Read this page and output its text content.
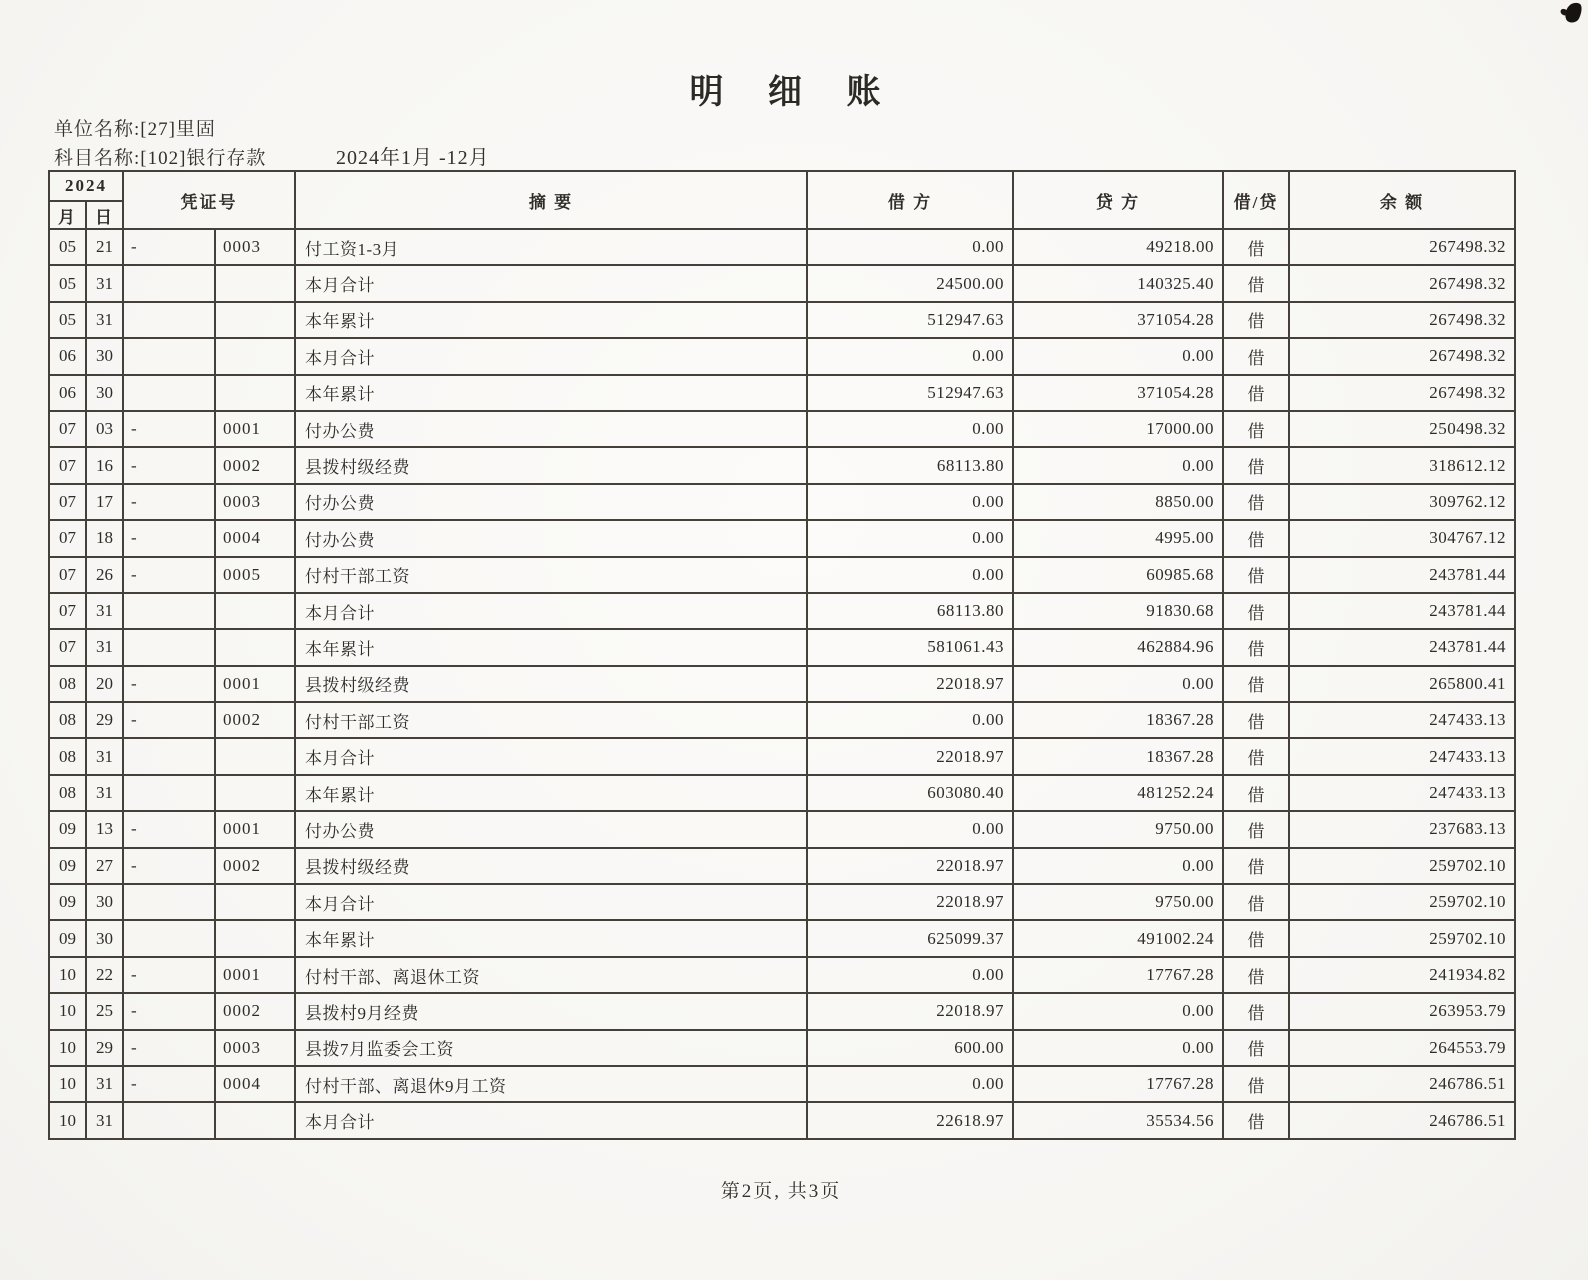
明 细 账
单位名称:[27]里固
科目名称:[102]银行存款	2024年1月 -12月
2024		凭证号		摘 要	借 方	贷 方	借/贷	余 额
月	日							
05	21	-	0003	付工资1-3月	0.00	49218.00	借	267498.32
05	31			本月合计	24500.00	140325.40	借	267498.32
05	31			本年累计	512947.63	371054.28	借	267498.32
06	30			本月合计	0.00	0.00	借	267498.32
06	30			本年累计	512947.63	371054.28	借	267498.32
07	03	-	0001	付办公费	0.00	17000.00	借	250498.32
07	16	-	0002	县拨村级经费	68113.80	0.00	借	318612.12
07	17	-	0003	付办公费	0.00	8850.00	借	309762.12
07	18	-	0004	付办公费	0.00	4995.00	借	304767.12
07	26	-	0005	付村干部工资	0.00	60985.68	借	243781.44
07	31			本月合计	68113.80	91830.68	借	243781.44
07	31			本年累计	581061.43	462884.96	借	243781.44
08	20	-	0001	县拨村级经费	22018.97	0.00	借	265800.41
08	29	-	0002	付村干部工资	0.00	18367.28	借	247433.13
08	31			本月合计	22018.97	18367.28	借	247433.13
08	31			本年累计	603080.40	481252.24	借	247433.13
09	13	-	0001	付办公费	0.00	9750.00	借	237683.13
09	27	-	0002	县拨村级经费	22018.97	0.00	借	259702.10
09	30			本月合计	22018.97	9750.00	借	259702.10
09	30			本年累计	625099.37	491002.24	借	259702.10
10	22	-	0001	付村干部、离退休工资	0.00	17767.28	借	241934.82
10	25	-	0002	县拨村9月经费	22018.97	0.00	借	263953.79
10	29	-	0003	县拨7月监委会工资	600.00	0.00	借	264553.79
10	31	-	0004	付村干部、离退休9月工资	0.00	17767.28	借	246786.51
10	31			本月合计	22618.97	35534.56	借	246786.51
第2页, 共3页
